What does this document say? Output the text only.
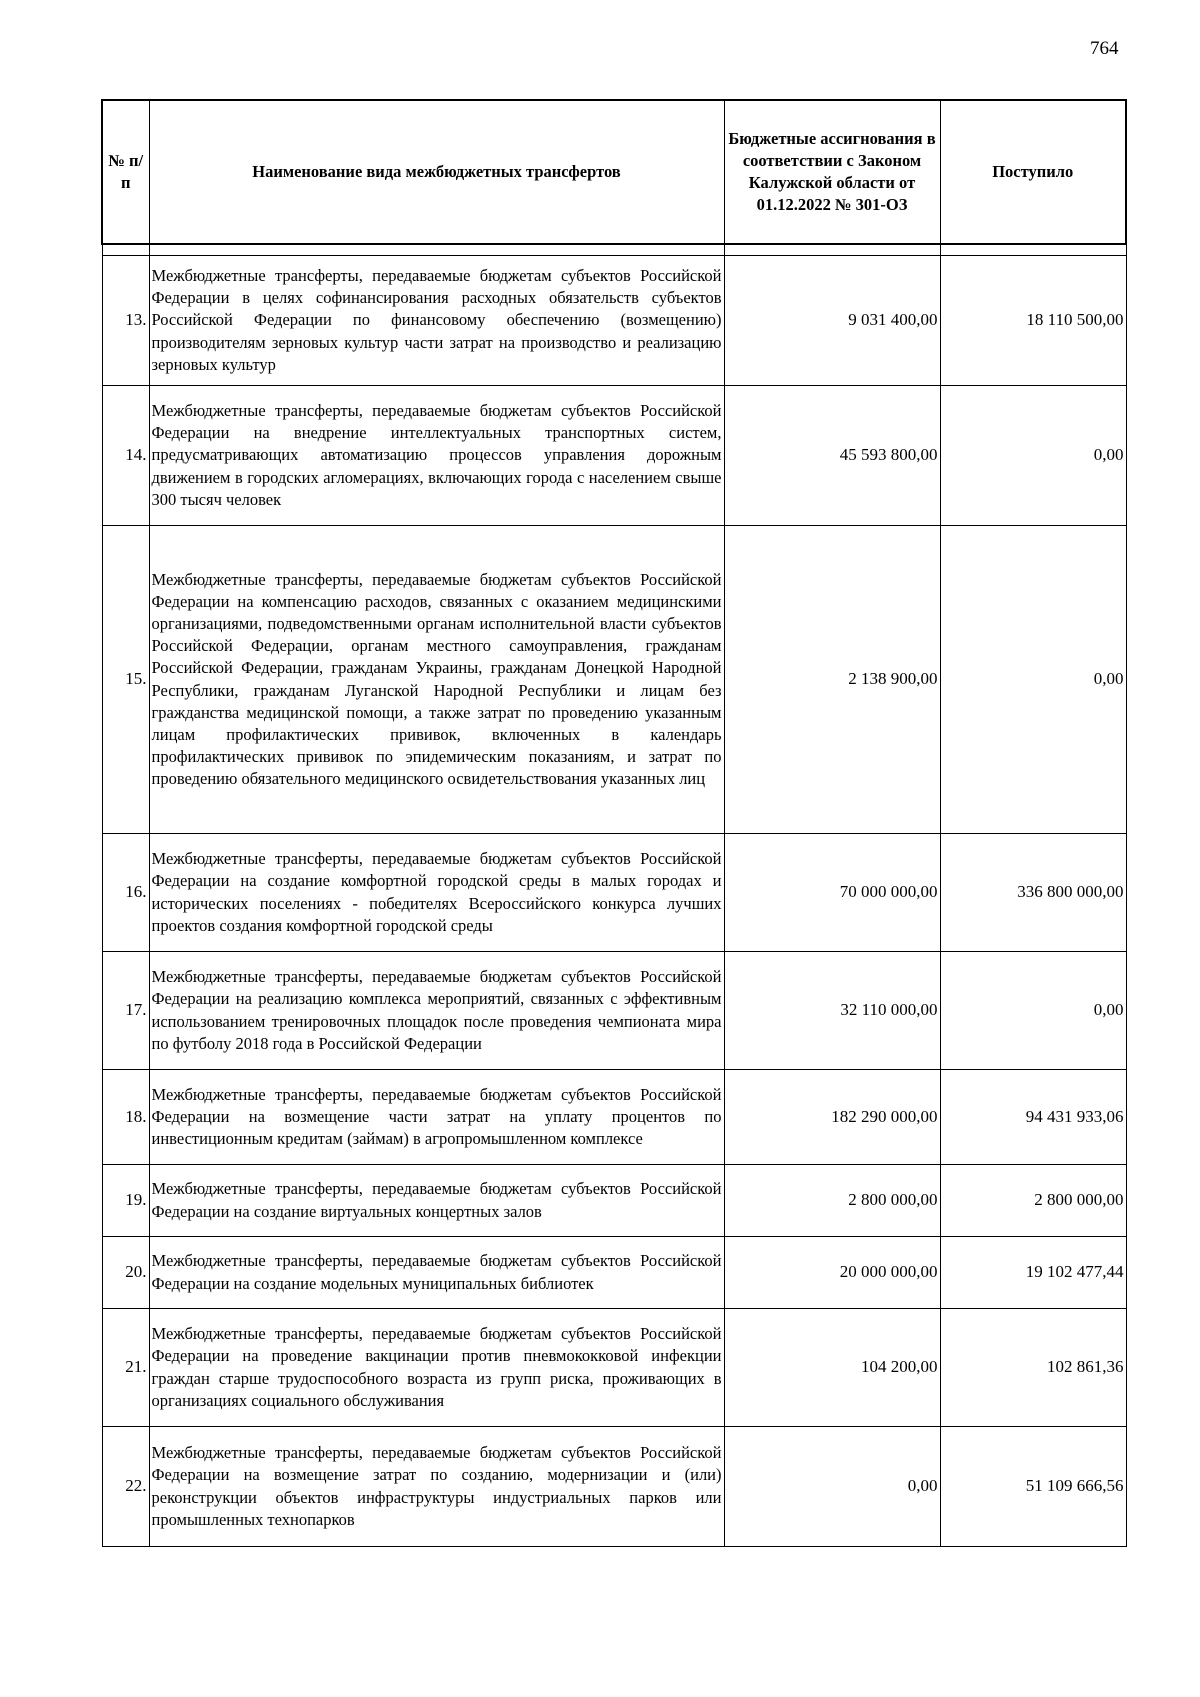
764
№ п/п	Наименование вида межбюджетных трансфертов	Бюджетные ассигнования в соответствии с Законом Калужской области от 01.12.2022 № 301-ОЗ	Поступило

13.	Межбюджетные трансферты, передаваемые бюджетам субъектов Российской Федерации в целях софинансирования расходных обязательств субъектов Российской Федерации по финансовому обеспечению (возмещению) производителям зерновых культур части затрат на производство и реализацию зерновых культур	9 031 400,00	18 110 500,00
14.	Межбюджетные трансферты, передаваемые бюджетам субъектов Российской Федерации на внедрение интеллектуальных транспортных систем, предусматривающих автоматизацию процессов управления дорожным движением в городских агломерациях, включающих города с населением свыше 300 тысяч человек	45 593 800,00	0,00
15.	Межбюджетные трансферты, передаваемые бюджетам субъектов Российской Федерации на компенсацию расходов, связанных с оказанием медицинскими организациями, подведомственными органам исполнительной власти субъектов Российской Федерации, органам местного самоуправления, гражданам Российской Федерации, гражданам Украины, гражданам Донецкой Народной Республики, гражданам Луганской Народной Республики и лицам без гражданства медицинской помощи, а также затрат по проведению указанным лицам профилактических прививок, включенных в календарь профилактических прививок по эпидемическим показаниям, и затрат по проведению обязательного медицинского освидетельствования указанных лиц	2 138 900,00	0,00
16.	Межбюджетные трансферты, передаваемые бюджетам субъектов Российской Федерации на создание комфортной городской среды в малых городах и исторических поселениях - победителях Всероссийского конкурса лучших проектов создания комфортной городской среды	70 000 000,00	336 800 000,00
17.	Межбюджетные трансферты, передаваемые бюджетам субъектов Российской Федерации на реализацию комплекса мероприятий, связанных с эффективным использованием тренировочных площадок после проведения чемпионата мира по футболу 2018 года в Российской Федерации	32 110 000,00	0,00
18.	Межбюджетные трансферты, передаваемые бюджетам субъектов Российской Федерации на возмещение части затрат на уплату процентов по инвестиционным кредитам (займам) в агропромышленном комплексе	182 290 000,00	94 431 933,06
19.	Межбюджетные трансферты, передаваемые бюджетам субъектов Российской Федерации на создание виртуальных концертных залов	2 800 000,00	2 800 000,00
20.	Межбюджетные трансферты, передаваемые бюджетам субъектов Российской Федерации на создание модельных муниципальных библиотек	20 000 000,00	19 102 477,44
21.	Межбюджетные трансферты, передаваемые бюджетам субъектов Российской Федерации на проведение вакцинации против пневмококковой инфекции граждан старше трудоспособного возраста из групп риска, проживающих в организациях социального обслуживания	104 200,00	102 861,36
22.	Межбюджетные трансферты, передаваемые бюджетам субъектов Российской Федерации на возмещение затрат по созданию, модернизации и (или) реконструкции объектов инфраструктуры индустриальных парков или промышленных технопарков	0,00	51 109 666,56
